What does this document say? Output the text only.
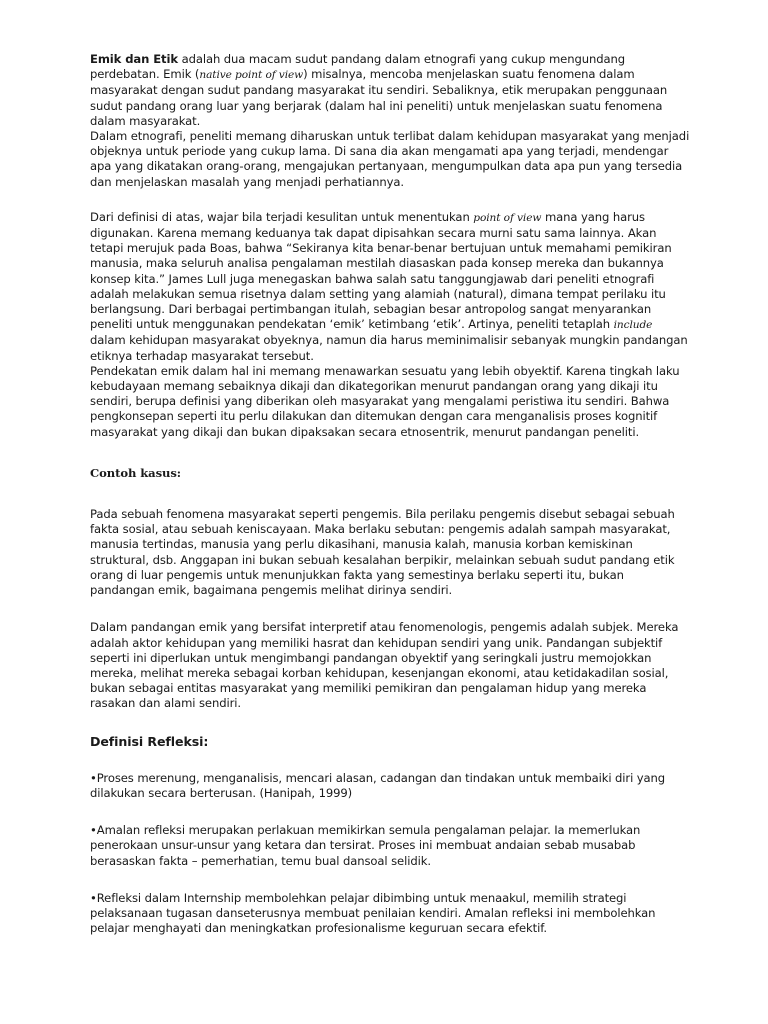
Emik dan Etik adalah dua macam sudut pandang dalam etnografi yang cukup mengundang perdebatan. Emik (native point of view) misalnya, mencoba menjelaskan suatu fenomena dalam masyarakat dengan sudut pandang masyarakat itu sendiri. Sebaliknya, etik merupakan penggunaan sudut pandang orang luar yang berjarak (dalam hal ini peneliti) untuk menjelaskan suatu fenomena dalam masyarakat.

Dalam etnografi, peneliti memang diharuskan untuk terlibat dalam kehidupan masyarakat yang menjadi objeknya untuk periode yang cukup lama. Di sana dia akan mengamati apa yang terjadi, mendengar apa yang dikatakan orang-orang, mengajukan pertanyaan, mengumpulkan data apa pun yang tersedia dan menjelaskan masalah yang menjadi perhatiannya.

Dari definisi di atas, wajar bila terjadi kesulitan untuk menentukan point of view mana yang harus digunakan. Karena memang keduanya tak dapat dipisahkan secara murni satu sama lainnya. Akan tetapi merujuk pada Boas, bahwa “Sekiranya kita benar-benar bertujuan untuk memahami pemikiran manusia, maka seluruh analisa pengalaman mestilah diasaskan pada konsep mereka dan bukannya konsep kita.” James Lull juga menegaskan bahwa salah satu tanggungjawab dari peneliti etnografi adalah melakukan semua risetnya dalam setting yang alamiah (natural), dimana tempat perilaku itu berlangsung. Dari berbagai pertimbangan itulah, sebagian besar antropolog sangat menyarankan peneliti untuk menggunakan pendekatan ‘emik’ ketimbang ‘etik’. Artinya, peneliti tetaplah include dalam kehidupan masyarakat obyeknya, namun dia harus meminimalisir sebanyak mungkin pandangan etiknya terhadap masyarakat tersebut.

Pendekatan emik dalam hal ini memang menawarkan sesuatu yang lebih obyektif. Karena tingkah laku kebudayaan memang sebaiknya dikaji dan dikategorikan menurut pandangan orang yang dikaji itu sendiri, berupa definisi yang diberikan oleh masyarakat yang mengalami peristiwa itu sendiri. Bahwa pengkonsepan seperti itu perlu dilakukan dan ditemukan dengan cara menganalisis proses kognitif masyarakat yang dikaji dan bukan dipaksakan secara etnosentrik, menurut pandangan peneliti.

Contoh kasus:

Pada sebuah fenomena masyarakat seperti pengemis. Bila perilaku pengemis disebut sebagai sebuah fakta sosial, atau sebuah keniscayaan. Maka berlaku sebutan: pengemis adalah sampah masyarakat, manusia tertindas, manusia yang perlu dikasihani, manusia kalah, manusia korban kemiskinan struktural, dsb. Anggapan ini bukan sebuah kesalahan berpikir, melainkan sebuah sudut pandang etik orang di luar pengemis untuk menunjukkan fakta yang semestinya berlaku seperti itu, bukan pandangan emik, bagaimana pengemis melihat dirinya sendiri.

Dalam pandangan emik yang bersifat interpretif atau fenomenologis, pengemis adalah subjek. Mereka adalah aktor kehidupan yang memiliki hasrat dan kehidupan sendiri yang unik. Pandangan subjektif seperti ini diperlukan untuk mengimbangi pandangan obyektif yang seringkali justru memojokkan mereka, melihat mereka sebagai korban kehidupan, kesenjangan ekonomi, atau ketidakadilan sosial, bukan sebagai entitas masyarakat yang memiliki pemikiran dan pengalaman hidup yang mereka rasakan dan alami sendiri.

Definisi Refleksi:

•Proses merenung, menganalisis, mencari alasan, cadangan dan tindakan untuk membaiki diri yang dilakukan secara berterusan. (Hanipah, 1999)

•Amalan refleksi merupakan perlakuan memikirkan semula pengalaman pelajar. Ia memerlukan penerokaan unsur-unsur yang ketara dan tersirat. Proses ini membuat andaian sebab musabab berasaskan fakta – pemerhatian, temu bual dansoal selidik.

•Refleksi dalam Internship membolehkan pelajar dibimbing untuk menaakul, memilih strategi pelaksanaan tugasan danseterusnya membuat penilaian kendiri. Amalan refleksi ini membolehkan pelajar menghayati dan meningkatkan profesionalisme keguruan secara efektif.
